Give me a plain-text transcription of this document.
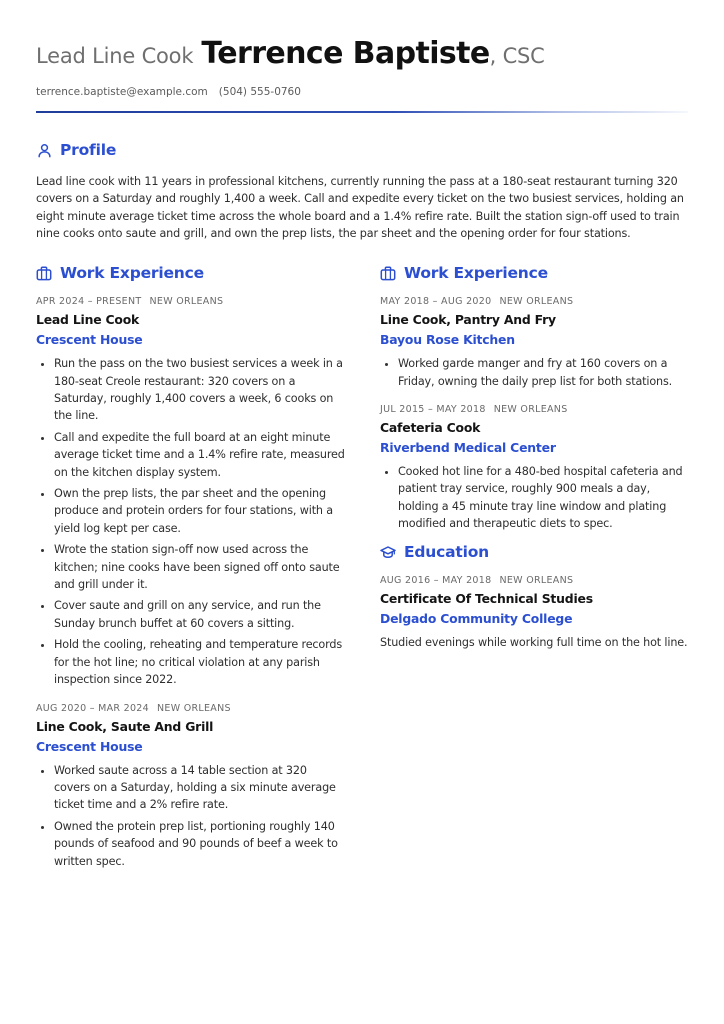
Lead Line Cook Terrence Baptiste, CSC
terrence.baptiste@example.com (504) 555-0760
Profile
Lead line cook with 11 years in professional kitchens, currently running the pass at a 180-seat restaurant turning 320 covers on a Saturday and roughly 1,400 a week. Call and expedite every ticket on the two busiest services, holding an eight minute average ticket time across the whole board and a 1.4% refire rate. Built the station sign-off used to train nine cooks onto saute and grill, and own the prep lists, the par sheet and the opening order for four stations.
Work Experience
APR 2024 – PRESENT NEW ORLEANS
Lead Line Cook
Crescent House
• Run the pass on the two busiest services a week in a 180-seat Creole restaurant: 320 covers on a Saturday, roughly 1,400 covers a week, 6 cooks on the line.
• Call and expedite the full board at an eight minute average ticket time and a 1.4% refire rate, measured on the kitchen display system.
• Own the prep lists, the par sheet and the opening produce and protein orders for four stations, with a yield log kept per case.
• Wrote the station sign-off now used across the kitchen; nine cooks have been signed off onto saute and grill under it.
• Cover saute and grill on any service, and run the Sunday brunch buffet at 60 covers a sitting.
• Hold the cooling, reheating and temperature records for the hot line; no critical violation at any parish inspection since 2022.
AUG 2020 – MAR 2024 NEW ORLEANS
Line Cook, Saute And Grill
Crescent House
• Worked saute across a 14 table section at 320 covers on a Saturday, holding a six minute average ticket time and a 2% refire rate.
• Owned the protein prep list, portioning roughly 140 pounds of seafood and 90 pounds of beef a week to written spec.
Work Experience
MAY 2018 – AUG 2020 NEW ORLEANS
Line Cook, Pantry And Fry
Bayou Rose Kitchen
• Worked garde manger and fry at 160 covers on a Friday, owning the daily prep list for both stations.
JUL 2015 – MAY 2018 NEW ORLEANS
Cafeteria Cook
Riverbend Medical Center
• Cooked hot line for a 480-bed hospital cafeteria and patient tray service, roughly 900 meals a day, holding a 45 minute tray line window and plating modified and therapeutic diets to spec.
Education
AUG 2016 – MAY 2018 NEW ORLEANS
Certificate Of Technical Studies
Delgado Community College
Studied evenings while working full time on the hot line.
